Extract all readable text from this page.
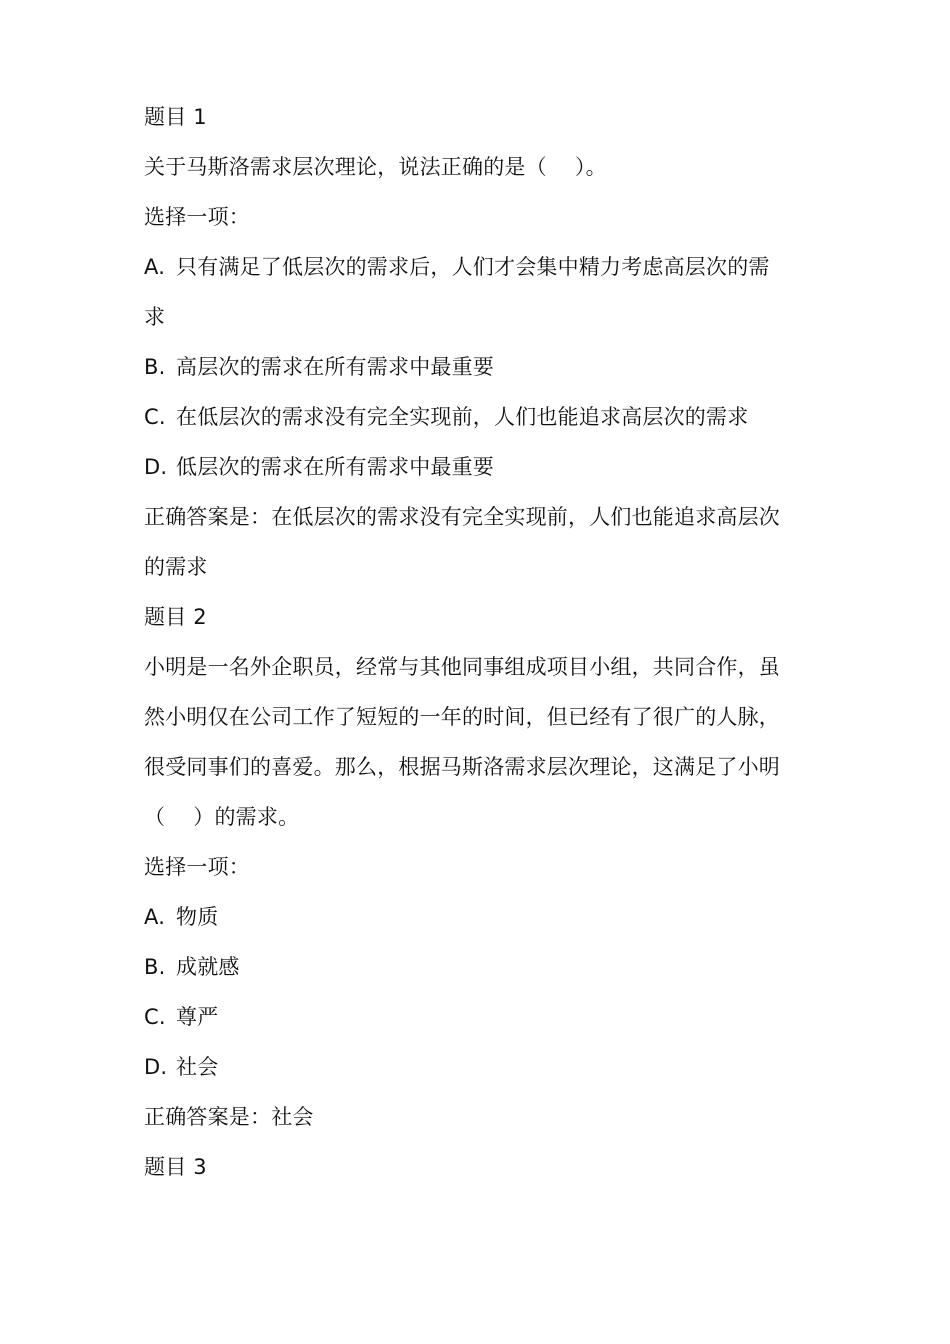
题目 1
关于马斯洛需求层次理论，说法正确的是（　 ）。
选择一项：
A. 只有满足了低层次的需求后，人们才会集中精力考虑高层次的需
求
B. 高层次的需求在所有需求中最重要
C. 在低层次的需求没有完全实现前，人们也能追求高层次的需求
D. 低层次的需求在所有需求中最重要
正确答案是：在低层次的需求没有完全实现前，人们也能追求高层次
的需求
题目 2
小明是一名外企职员，经常与其他同事组成项目小组，共同合作，虽
然小明仅在公司工作了短短的一年的时间，但已经有了很广的人脉，
很受同事们的喜爱。那么，根据马斯洛需求层次理论，这满足了小明
（　 ）的需求。
选择一项：
A. 物质
B. 成就感
C. 尊严
D. 社会
正确答案是：社会
题目 3
